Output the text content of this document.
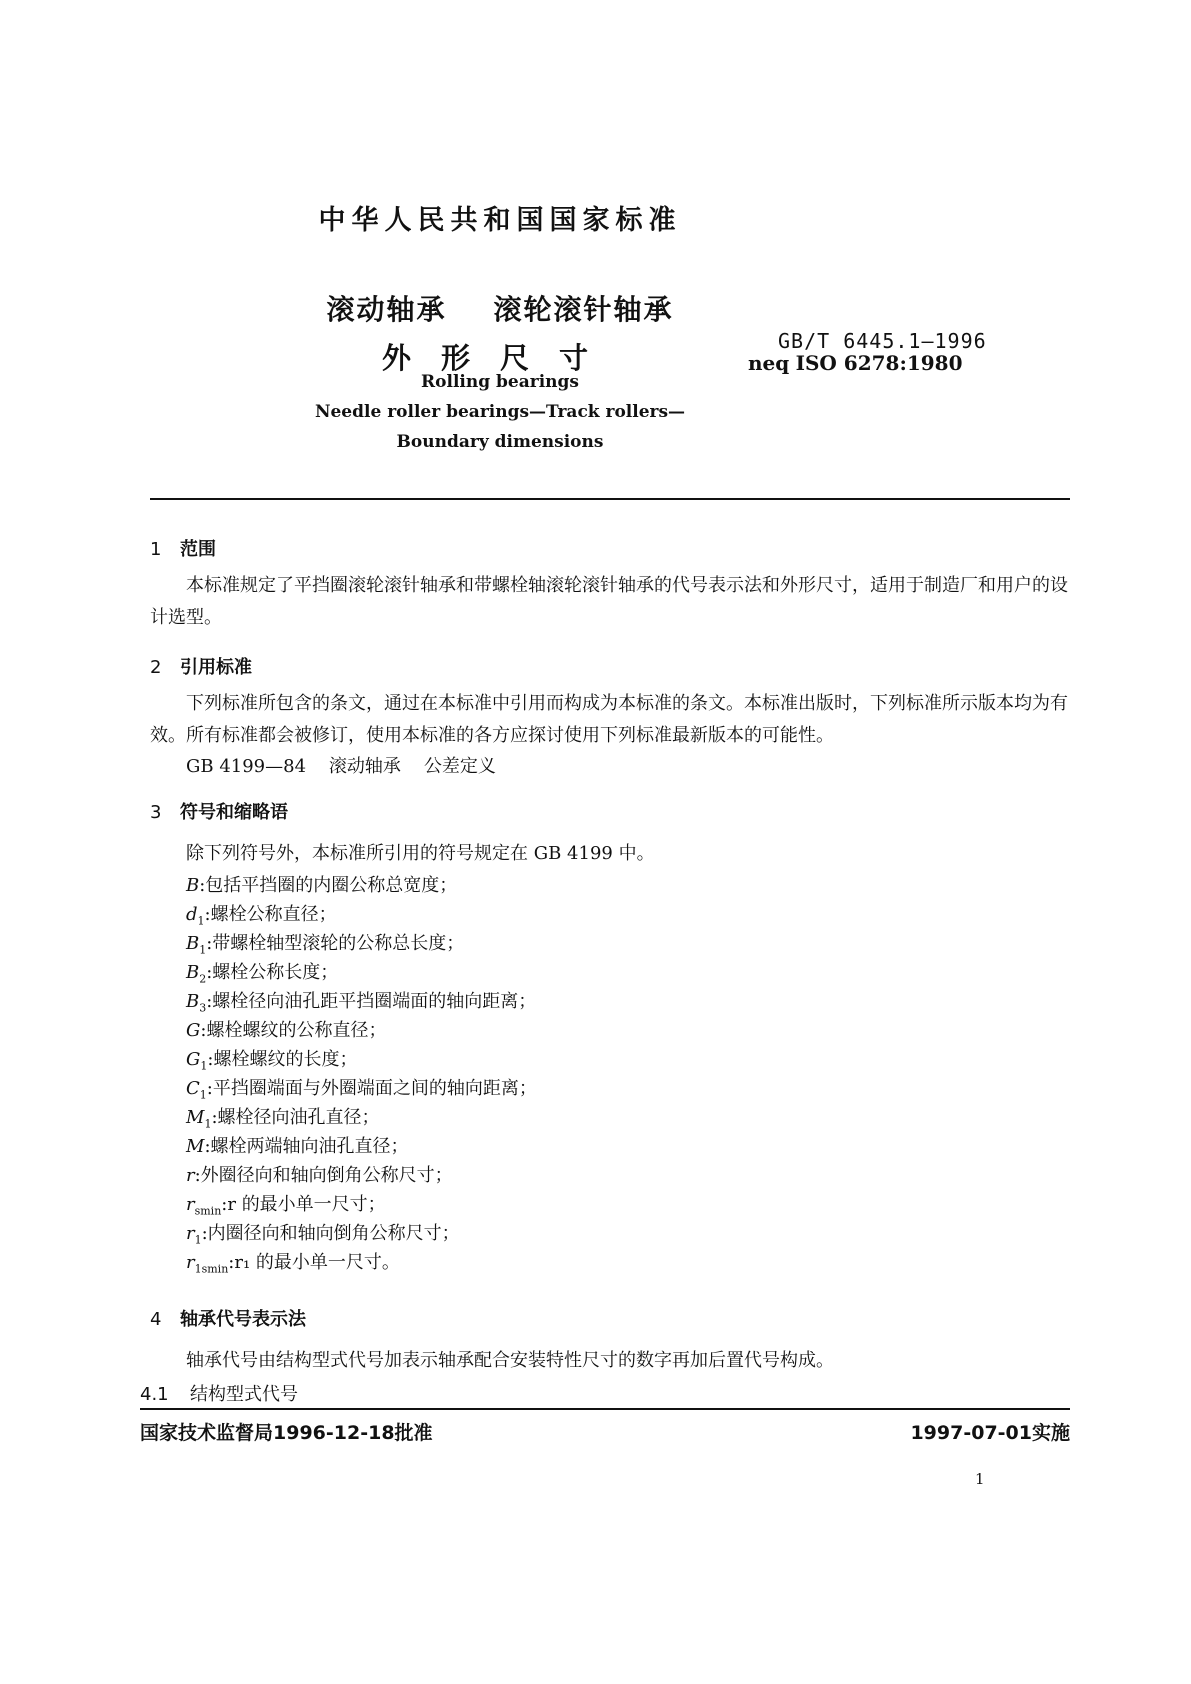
中华人民共和国国家标准
滚动轴承    滚轮滚针轴承
外形尺寸	GB/T 6445.1—1996
neq ISO 6278:1980
Rolling bearings
Needle roller bearings—Track rollers—
Boundary dimensions
1 范围
本标准规定了平挡圈滚轮滚针轴承和带螺栓轴滚轮滚针轴承的代号表示法和外形尺寸，适用于制造厂和用户的设计选型。
2 引用标准
下列标准所包含的条文，通过在本标准中引用而构成为本标准的条文。本标准出版时，下列标准所示版本均为有效。所有标准都会被修订，使用本标准的各方应探讨使用下列标准最新版本的可能性。
GB 4199—84    滚动轴承    公差定义
3 符号和缩略语
除下列符号外，本标准所引用的符号规定在 GB 4199 中。
B:包括平挡圈的内圈公称总宽度；
$d_1$:螺栓公称直径；
$B_1$:带螺栓轴型滚轮的公称总长度；
$B_2$:螺栓公称长度；
$B_3$:螺栓径向油孔距平挡圈端面的轴向距离；
G:螺栓螺纹的公称直径；
$G_1$:螺栓螺纹的长度；
$C_1$:平挡圈端面与外圈端面之间的轴向距离；
$M_1$:螺栓径向油孔直径；
M:螺栓两端轴向油孔直径；
r:外圈径向和轴向倒角公称尺寸；
$r_{smin}:r$ 的最小单一尺寸；
$r_1$:内圈径向和轴向倒角公称尺寸；
$r_{1smin}:r_1$ 的最小单一尺寸。
4 轴承代号表示法
轴承代号由结构型式代号加表示轴承配合安装特性尺寸的数字再加后置代号构成。
4.1 结构型式代号
国家技术监督局1996-12-18批准	1997-07-01实施
1
